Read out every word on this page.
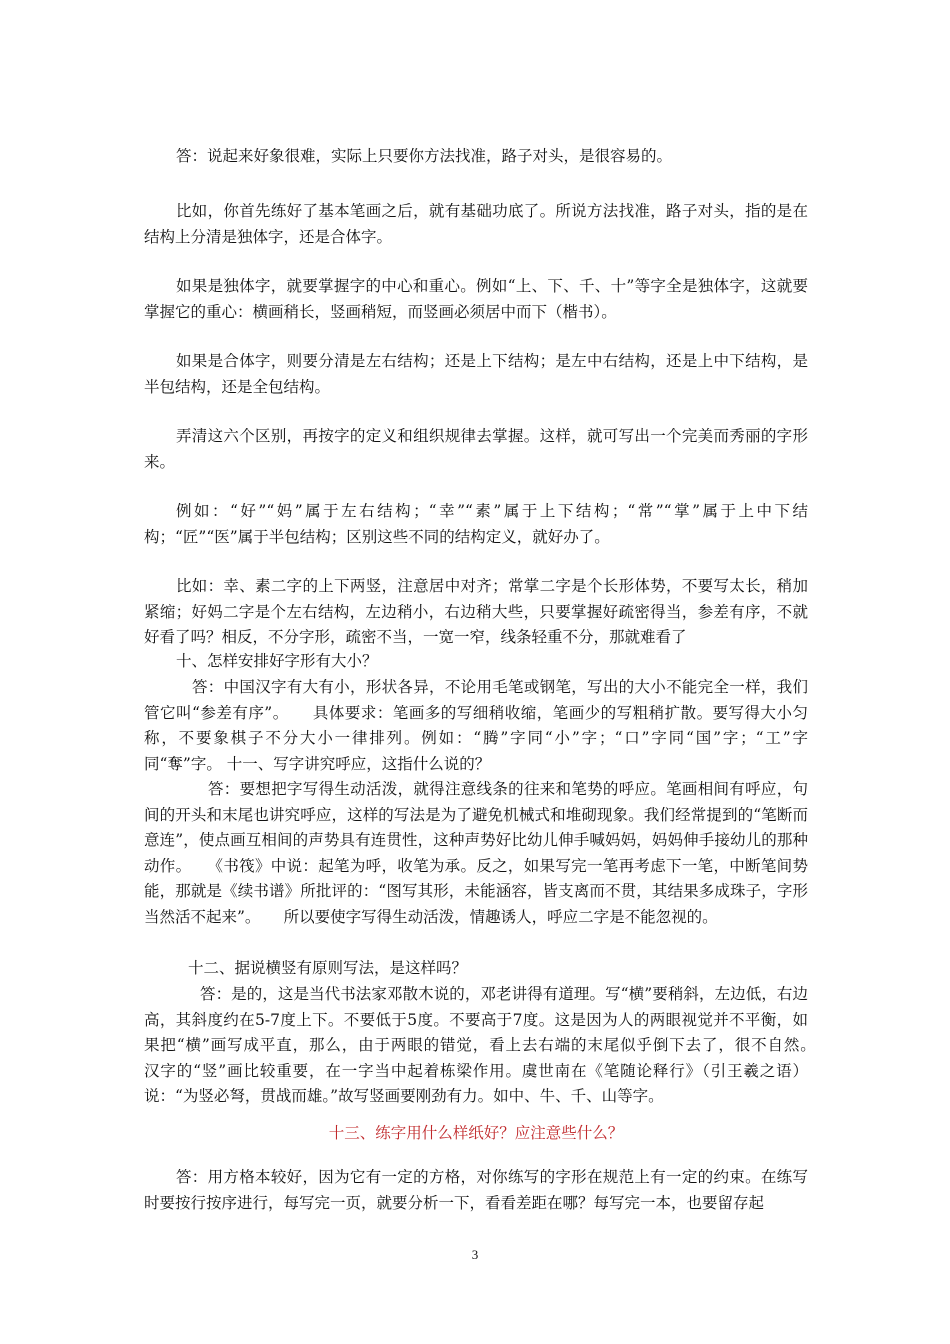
答：说起来好象很难，实际上只要你方法找准，路子对头，是很容易的。

比如，你首先练好了基本笔画之后，就有基础功底了。所说方法找准，路子对头，指的是在结构上分清是独体字，还是合体字。

如果是独体字，就要掌握字的中心和重心。例如“上、下、千、十”等字全是独体字，这就要掌握它的重心：横画稍长，竖画稍短，而竖画必须居中而下（楷书）。

如果是合体字，则要分清是左右结构；还是上下结构；是左中右结构，还是上中下结构，是半包结构，还是全包结构。

弄清这六个区别，再按字的定义和组织规律去掌握。这样，就可写出一个完美而秀丽的字形来。

例如：“好”“妈”属于左右结构；“幸”“素”属于上下结构；“常”“掌”属于上中下结构；“匠”“医”属于半包结构；区别这些不同的结构定义，就好办了。

比如：幸、素二字的上下两竖，注意居中对齐；常掌二字是个长形体势，不要写太长，稍加紧缩；好妈二字是个左右结构，左边稍小，右边稍大些，只要掌握好疏密得当，参差有序，不就好看了吗？相反，不分字形，疏密不当，一宽一窄，线条轻重不分，那就难看了

十、怎样安排好字形有大小？

答：中国汉字有大有小，形状各异，不论用毛笔或钢笔，写出的大小不能完全一样，我们管它叫“参差有序”。　　具体要求：笔画多的写细稍收缩，笔画少的写粗稍扩散。要写得大小匀称，不要象棋子不分大小一律排列。例如：“腾”字同“小”字；“口”字同“国”字；“工”字同“奪”字。 十一、写字讲究呼应，这指什么说的？

答：要想把字写得生动活泼，就得注意线条的往来和笔势的呼应。笔画相间有呼应，句间的开头和末尾也讲究呼应，这样的写法是为了避免机械式和堆砌现象。我们经常提到的“笔断而意连”，使点画互相间的声势具有连贯性，这种声势好比幼儿伸手喊妈妈，妈妈伸手接幼儿的那种动作。　　《书筏》中说：起笔为呼，收笔为承。反之，如果写完一笔再考虑下一笔，中断笔间势能，那就是《续书谱》所批评的：“图写其形，未能涵容，皆支离而不贯，其结果多成珠子，字形当然活不起来”。　　所以要使字写得生动活泼，情趣诱人，呼应二字是不能忽视的。

十二、据说横竖有原则写法，是这样吗？

答：是的，这是当代书法家邓散木说的，邓老讲得有道理。写“横”要稍斜，左边低，右边高，其斜度约在5-7度上下。不要低于5度。不要高于7度。这是因为人的两眼视觉并不平衡，如果把“横”画写成平直，那么，由于两眼的错觉，看上去右端的末尾似乎倒下去了，很不自然。　　汉字的“竖”画比较重要，在一字当中起着栋梁作用。虞世南在《笔随论释行》（引王羲之语）说：“为竖必弩，贯战而雄。”故写竖画要刚劲有力。如中、牛、千、山等字。

十三、练字用什么样纸好？应注意些什么？

答：用方格本较好，因为它有一定的方格，对你练写的字形在规范上有一定的约束。在练写时要按行按序进行，每写完一页，就要分析一下，看看差距在哪？每写完一本，也要留存起

3
